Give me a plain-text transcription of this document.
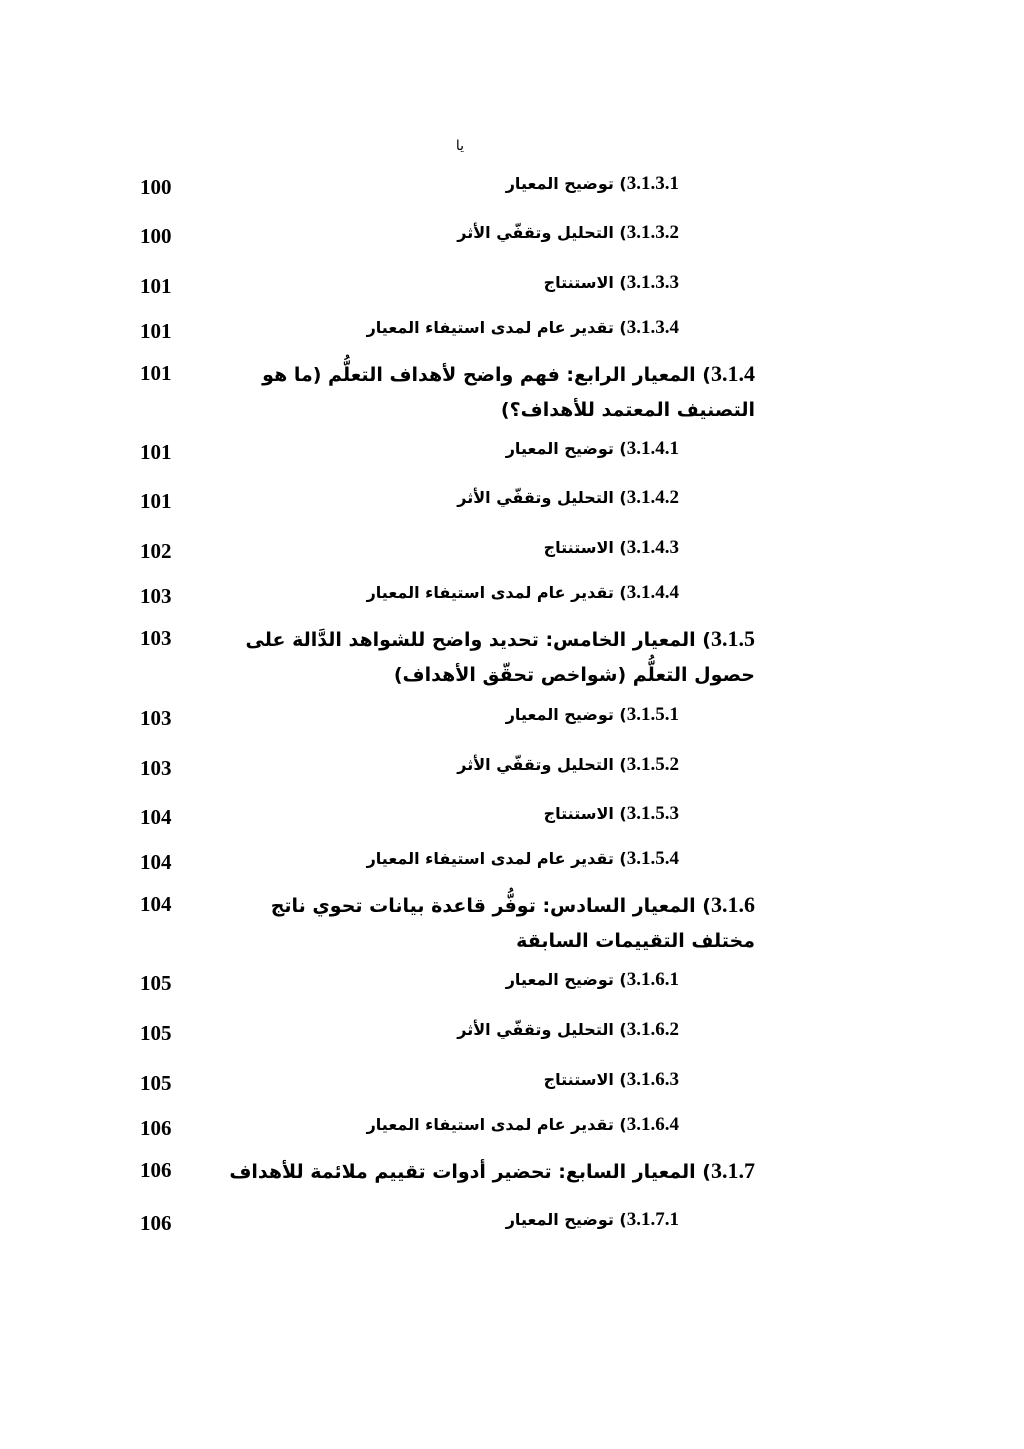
يا
100	3.1.3.1) توضيح المعيار
100	3.1.3.2) التحليل وتقفّي الأثر
101	3.1.3.3) الاستنتاج
101	3.1.3.4) تقدير عام لمدى استيفاء المعيار
101	3.1.4) المعيار الرابع: فهم واضح لأهداف التعلُّم (ما هو التصنيف المعتمد للأهداف؟)
101	3.1.4.1) توضيح المعيار
101	3.1.4.2) التحليل وتقفّي الأثر
102	3.1.4.3) الاستنتاج
103	3.1.4.4) تقدير عام لمدى استيفاء المعيار
103	3.1.5) المعيار الخامس: تحديد واضح للشواهد الدَّالة على حصول التعلُّم (شواخص تحقّق الأهداف)
103	3.1.5.1) توضيح المعيار
103	3.1.5.2) التحليل وتقفّي الأثر
104	3.1.5.3) الاستنتاج
104	3.1.5.4) تقدير عام لمدى استيفاء المعيار
104	3.1.6) المعيار السادس: توفُّر قاعدة بيانات تحوي ناتج مختلف التقييمات السابقة
105	3.1.6.1) توضيح المعيار
105	3.1.6.2) التحليل وتقفّي الأثر
105	3.1.6.3) الاستنتاج
106	3.1.6.4) تقدير عام لمدى استيفاء المعيار
106	3.1.7) المعيار السابع: تحضير أدوات تقييم ملائمة للأهداف
106	3.1.7.1) توضيح المعيار
